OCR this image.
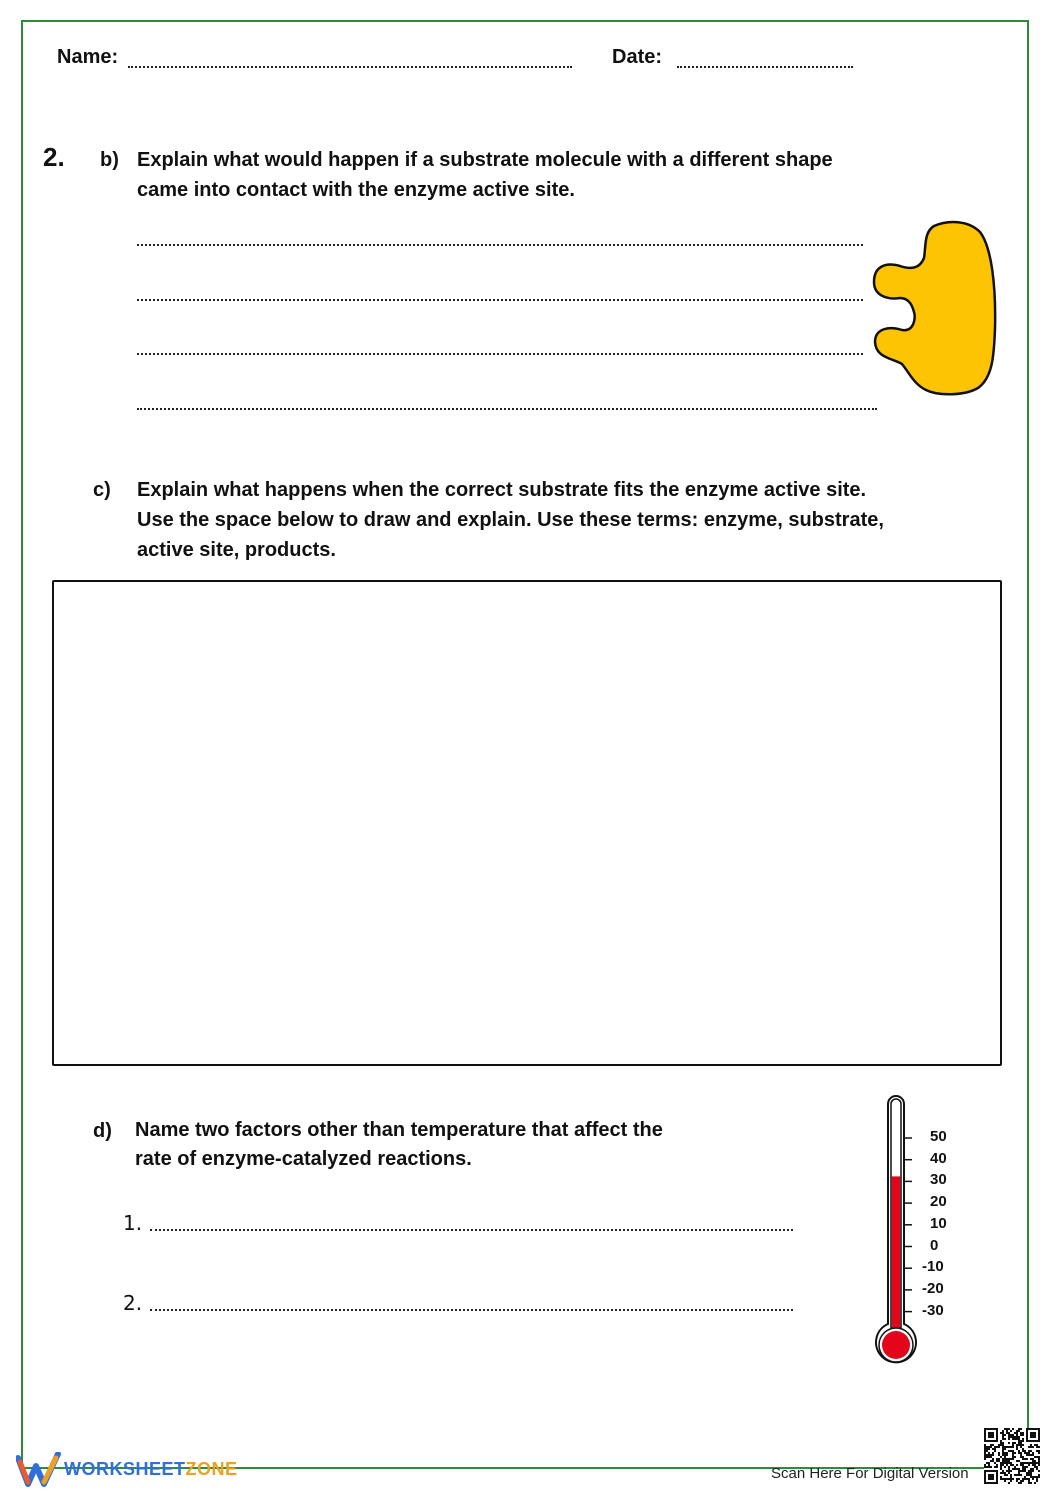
Name:	Date:
2. b) Explain what would happen if a substrate molecule with a different shape
came into contact with the enzyme active site.
c) Explain what happens when the correct substrate fits the enzyme active site.
Use the space below to draw and explain. Use these terms: enzyme, substrate,
active site, products.
d) Name two factors other than temperature that affect the
rate of enzyme-catalyzed reactions.
1.
2.
50
40
30
20
10
0
-10
-20
-30
WORKSHEETZONE	Scan Here For Digital Version
